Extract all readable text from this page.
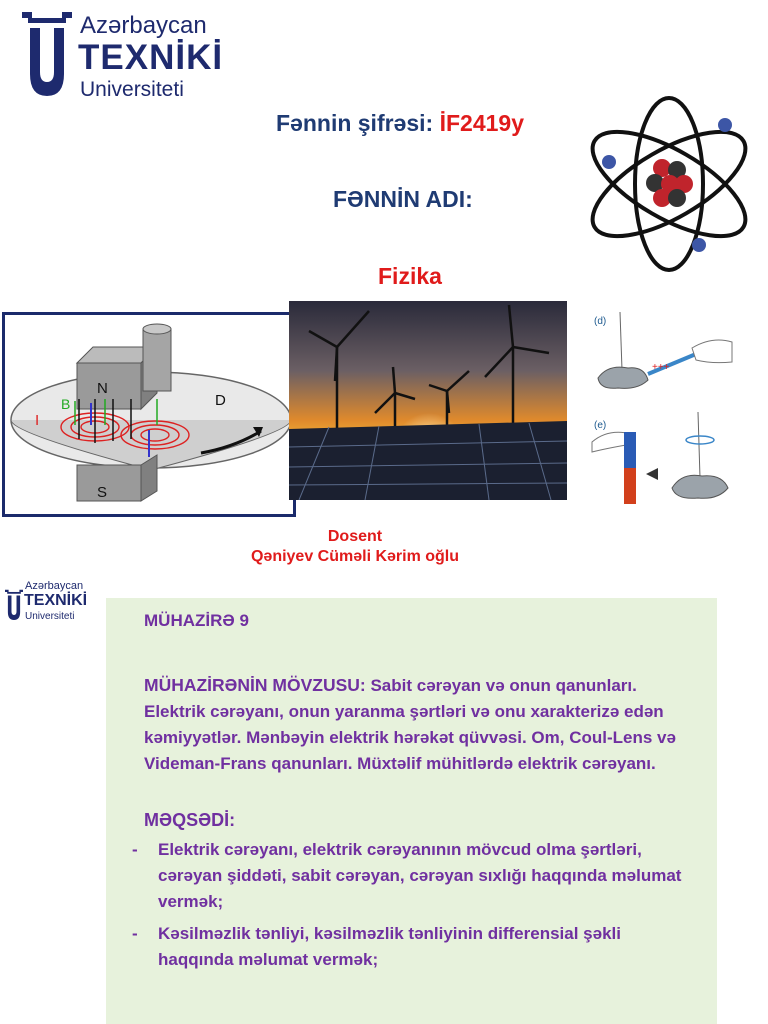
Azərbaycan
TEXNİKİ
Universiteti
Fənnin şifrəsi: İF2419y
FƏNNİN ADI:
Fizika
N
S
D
I
B
(d)
+++
(e)
Dosent
Qəniyev Cüməli Kərim oğlu
Azərbaycan
TEXNİKİ
Universiteti	MÜHAZİRƏ 9
MÜHAZİRƏNİN MÖVZUSU: Sabit cərəyan və onun qanunları. Elektrik cərəyanı, onun yaranma şərtləri və onu xarakterizə edən kəmiyyətlər. Mənbəyin elektrik hərəkət qüvvəsi. Om, Coul-Lens və Videman-Frans qanunları. Müxtəlif mühitlərdə elektrik cərəyanı.
MƏQSƏDİ:
- Elektrik cərəyanı, elektrik cərəyanının mövcud olma şərtləri, cərəyan şiddəti, sabit cərəyan, cərəyan sıxlığı haqqında məlumat vermək;
- Kəsilməzlik tənliyi, kəsilməzlik tənliyinin differensial şəkli haqqında məlumat vermək;
